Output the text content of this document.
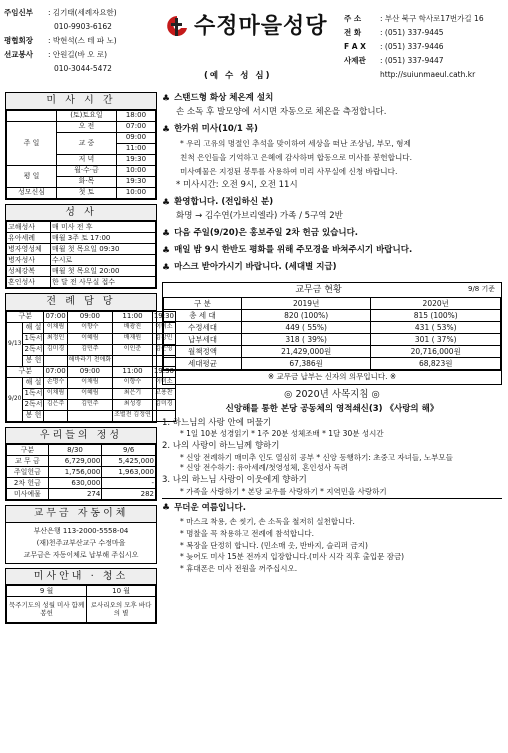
주임신부	: 김기태(세례자요한)
010-9903-6162
평협회장	: 박현석(스 테 파 노)
선교봉사	: 안원길(바 오 로)
010-3044-5472
수정마을성당
(예 수 성 심)
주 소	: 부산 북구 학사로17번가길 16
전 화	: (051) 337-9445
F A X	: (051) 337-9446
사제관	: (051) 337-9447
http://suiunmaeul.cath.kr
미 사 시 간
	(토)토요일	18:00
주 일	오 전	07:00
	교 중	09:00
		11:00
	저 녁	19:30
평 일	월·수·금	10:00
	화·목	19:30
성모신심	첫 토	10:00
성 사
고해성사	매 미사 전 후
유아세례	매월 3주 토 17:00
병자영성체	매월 첫 목요일 09:30
병자성사	수시로
성체강복	매월 첫 목요일 20:00
혼인성사	한 달 전 사무실 접수
전 례 담 당
구분		07:00	09:00	11:00	19:30
9/13	해 설	이채림	이향수	배광진	이미소
	1독서	최정인	이혜림	배재원	김강민
	2독서	김미경	김민주	이인준	김은영
	봉 헌		해바라기 천애화		
구분		07:00	09:00	11:00	19:30
9/20	해 설	손명수	이채림	이향수	이미소
	1독서	이채림	이혜림	최은기	고용찬
	2독서	김은주	김민주	최성경	김미경
	봉 헌			조별전 김정연	
우리들의 정성
구분	8/30	9/6
교 무 금	6,729,000	5,425,000
주일헌금	1,756,000	1,963,000
2차 헌금	630,000	-
미사예물	274	282
교무금 자동이체
부산은행 113-2000-5558-04
(재)천주교부산교구 수정마을
교무금은 자동이체로 납부해 주십시오
미사안내 · 청소
9 월	10 월
묵주기도의 성월 미사 함께 봉헌	로사리오의 모후 바다의 별
♣ 스탠드형 화상 체온계 설치
손 소독 후 발모양에 서시면 자동으로 체온을 측정합니다.
♣ 한가위 미사(10/1 목)
* 우리 고유의 명절인 추석을 맞이하여 세상을 떠난 조상님, 부모, 형제
친척 은인들을 기억하고 은혜에 감사하며 합동으로 미사를 봉헌합니다.
미사예물은 지정된 봉투를 사용하여 미리 사무실에 신청 바랍니다.
* 미사시간: 오전 9시, 오전 11시
♣ 환영합니다. (전입하신 분)
화명 → 김수연(가브리엘라) 가족 / 5구역 2반
♣ 다음 주일(9/20)은 홍보주일 2차 헌금 있습니다.
♣ 매일 밤 9시 한반도 평화를 위해 주모경을 바쳐주시기 바랍니다.
♣ 마스크 받아가시기 바랍니다. (세대별 지급)
교무금 현황	9/8 기준
구 분	2019년	2020년
총 세 대	820 (100%)	815 (100%)
수정세대	449 ( 55%)	431 ( 53%)
납부세대	318 ( 39%)	301 ( 37%)
월책정액	21,429,000원	20,716,000원
세대평균	67,386원	68,823원
※ 교무금 납부는 신자의 의무입니다. ※
◎ 2020년 사목지침 ◎
신앙해를 통한 본당 공동체의 영적쇄신(3) 《사랑의 해》
1. 하느님의 사랑 안에 머물기
* 1일 10분 성경읽기 * 1주 20분 성체조배 * 1달 30분 성시간
2. 나의 사랑이 하느님께 향하기
* 신앙 전례하기 매미추 인도 열심히 공부 * 신앙 동행하기: 초중고 자녀들, 노부모들
* 신앙 전수하기: 유아세례/첫영성체, 혼인성사 독려
3. 나의 하느님 사랑이 이웃에게 향하기
* 가족을 사랑하기 * 본당 교우를 사랑하기 * 지역민을 사랑하기
♣ 무더운 여름입니다.
* 마스크 착용, 손 씻기, 손 소독을 철저히 실천합니다.
* 명찰을 꼭 착용하고 전례에 참석합니다.
* 복장을 단정히 합니다. (민소매 옷, 반바지, 슬리퍼 금지)
* 늦어도 미사 15분 전까지 입장합니다.(미사 시각 직후 출입문 잠금)
* 휴대폰은 미사 전원을 꺼주십시오.
